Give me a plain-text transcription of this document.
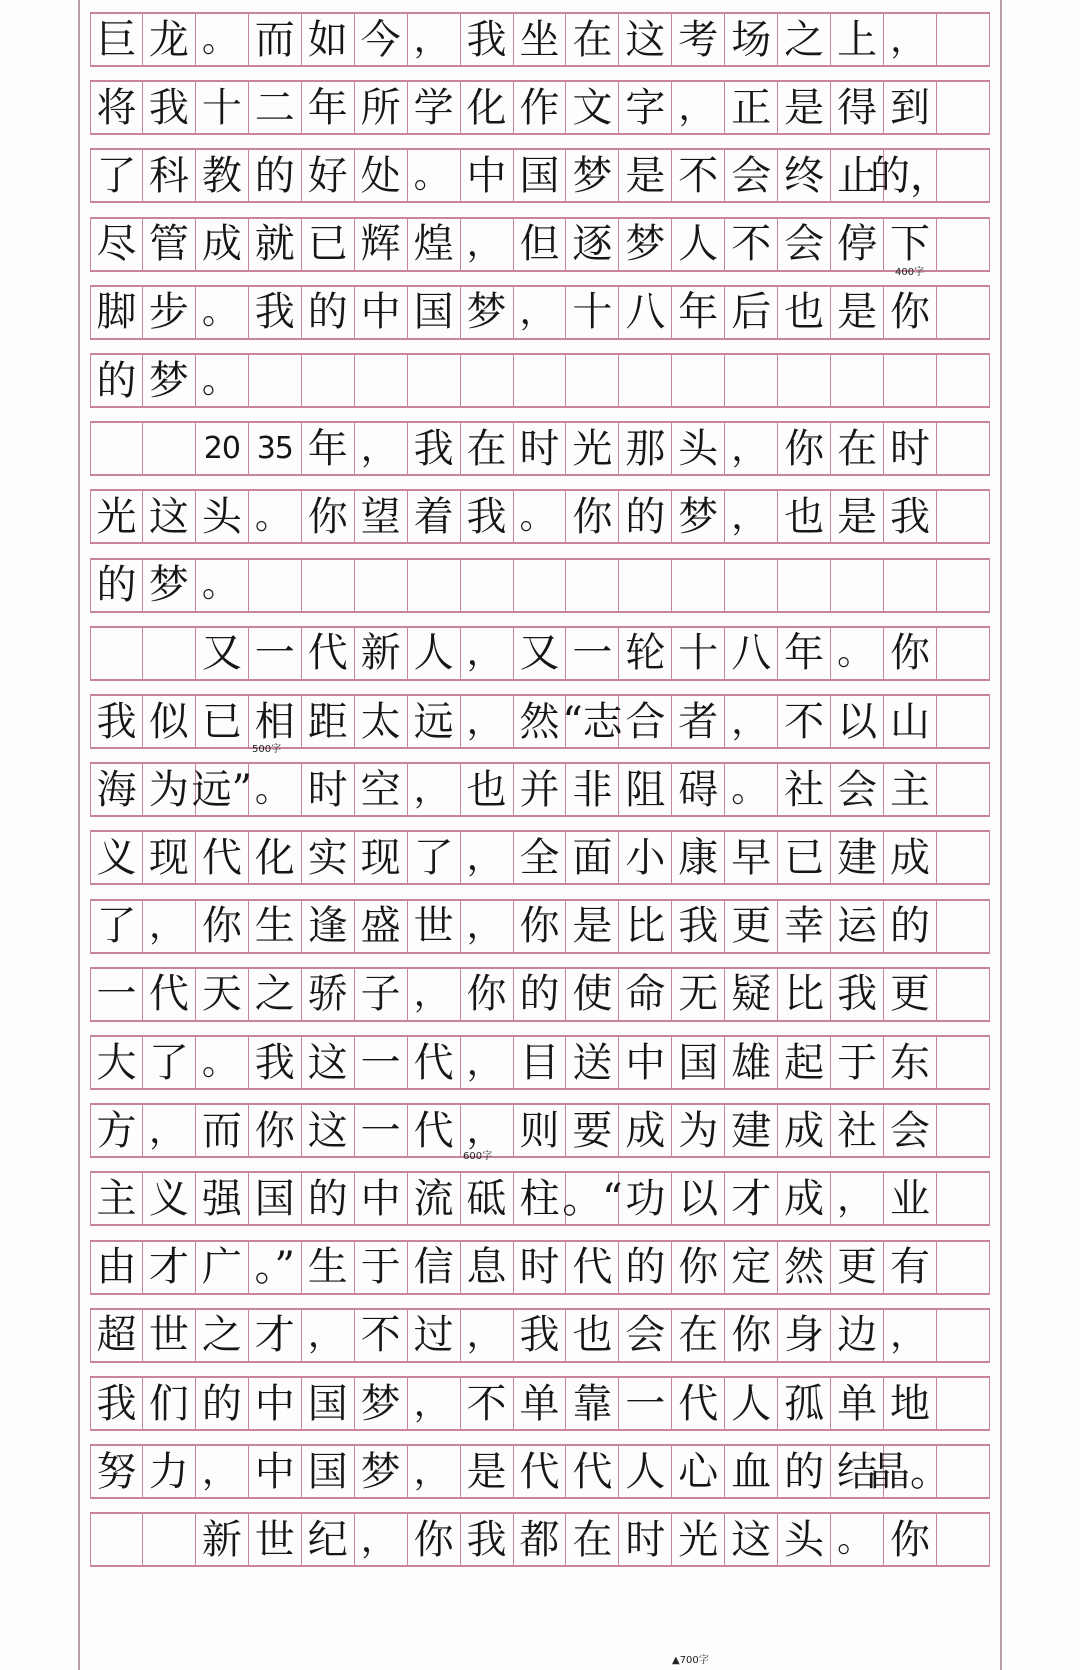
巨 龙 。 而 如 今 ， 我 坐 在 这 考 场 之 上 ，
将 我 十 二 年 所 学 化 作 文 字 ， 正 是 得 到
了 科 教 的 好 处 。 中 国 梦 是 不 会 终 止
的，
尽 管 成 就 已 辉 煌 ， 但 逐 梦 人 不 会 停 下
脚 步 。 我 的 中 国 梦 ， 十 八 年 后 也 是 你
的 梦 。
20 35 年 ， 我 在 时 光 那 头 ， 你 在 时
光 这 头 。 你 望 着 我 。 你 的 梦 ， 也 是 我
的 梦 。
又 一 代 新 人 ， 又 一 轮 十 八 年 。 你
我 似 已 相 距 太 远 ， 然 “志 合 者 ， 不 以 山
海 为 远” 。 时 空 ， 也 并 非 阻 碍 。 社 会 主
义 现 代 化 实 现 了 ， 全 面 小 康 早 已 建 成
了 ， 你 生 逢 盛 世 ， 你 是 比 我 更 幸 运 的
一 代 天 之 骄 子 ， 你 的 使 命 无 疑 比 我 更
大 了 。 我 这 一 代 ， 目 送 中 国 雄 起 于 东
方 ， 而 你 这 一 代 ， 则 要 成 为 建 成 社 会
主 义 强 国 的 中 流 砥 柱 。“ 功 以 才 成 ， 业
由 才 广 。” 生 于 信 息 时 代 的 你 定 然 更 有
超 世 之 才 ， 不 过 ， 我 也 会 在 你 身 边 ，
我 们 的 中 国 梦 ， 不 单 靠 一 代 人 孤 单 地
努 力 ， 中 国 梦 ， 是 代 代 人 心 血 的 结
晶。
新 世 纪 ， 你 我 都 在 时 光 这 头 。 你
400字
500字
600字
▲700字
